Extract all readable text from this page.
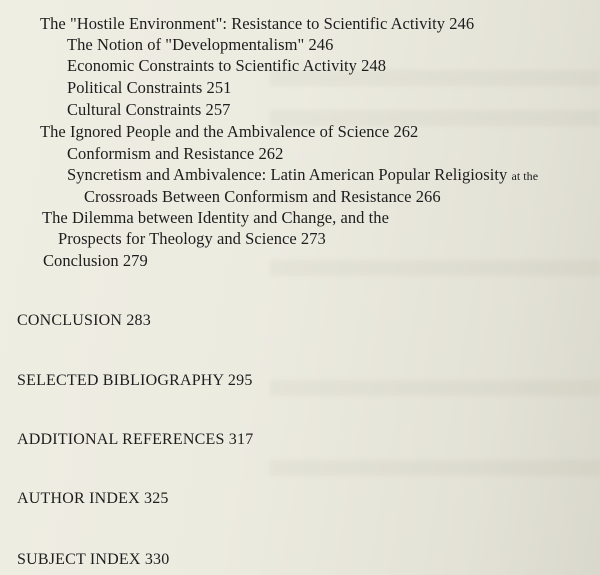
The "Hostile Environment": Resistance to Scientific Activity 246
The Notion of "Developmentalism" 246
Economic Constraints to Scientific Activity 248
Political Constraints 251
Cultural Constraints 257
The Ignored People and the Ambivalence of Science 262
Conformism and Resistance 262
Syncretism and Ambivalence: Latin American Popular Religiosity at the
Crossroads Between Conformism and Resistance 266
The Dilemma between Identity and Change, and the
Prospects for Theology and Science 273
Conclusion 279
CONCLUSION 283
SELECTED BIBLIOGRAPHY 295
ADDITIONAL REFERENCES 317
AUTHOR INDEX 325
SUBJECT INDEX 330
